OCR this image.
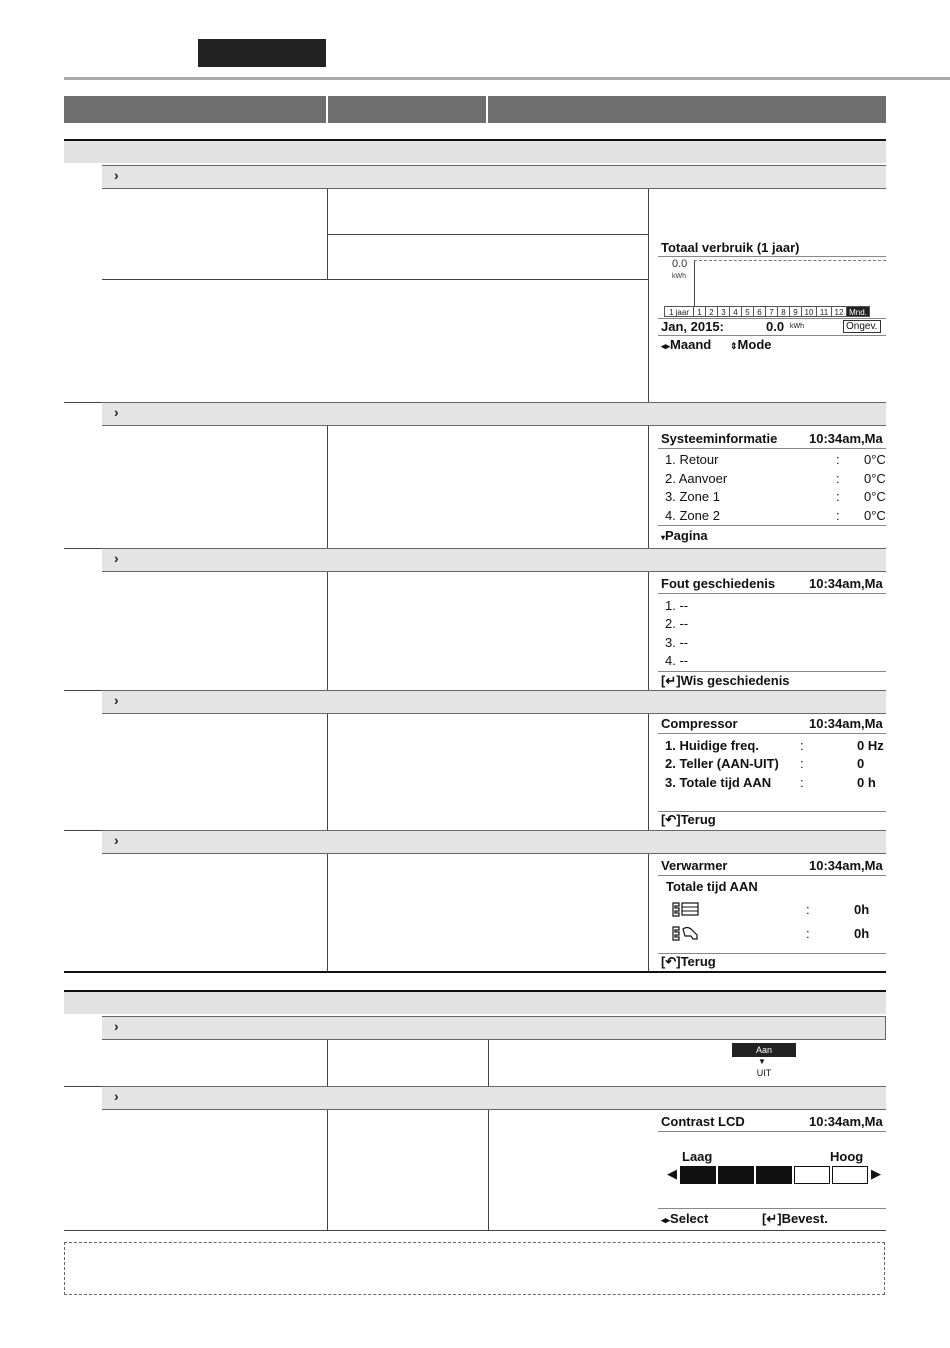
›
Totaal verbruik (1 jaar)
0.0
kWh
1 jaar	1 2 3 4 5 6 7 8 9 10 11 12 Mnd.
Jan, 2015:	0.0 kWh	Ongev.
◂▸Maand ⇕Mode
›
Systeeminformatie 10:34am,Ma
1. Retour	: 0°C
2. Aanvoer	: 0°C
3. Zone 1	: 0°C
4. Zone 2	: 0°C
▾Pagina
›
Fout geschiedenis	10:34am,Ma
1. --
2. --
3. --
4. --
[↵]Wis geschiedenis
›
Compressor	10:34am,Ma
1. Huidige freq.	:	0 Hz
2. Teller (AAN-UIT) :	0
3. Totale tijd AAN :	0 h
[↶]Terug
›
Verwarmer	10:34am,Ma
Totale tijd AAN
:	0h
:	0h
[↶]Terug
›
Aan
▼
UIT
›
Contrast LCD	10:34am,Ma
Laag	Hoog
◀	▶
◂▸Select	[↵]Bevest.
